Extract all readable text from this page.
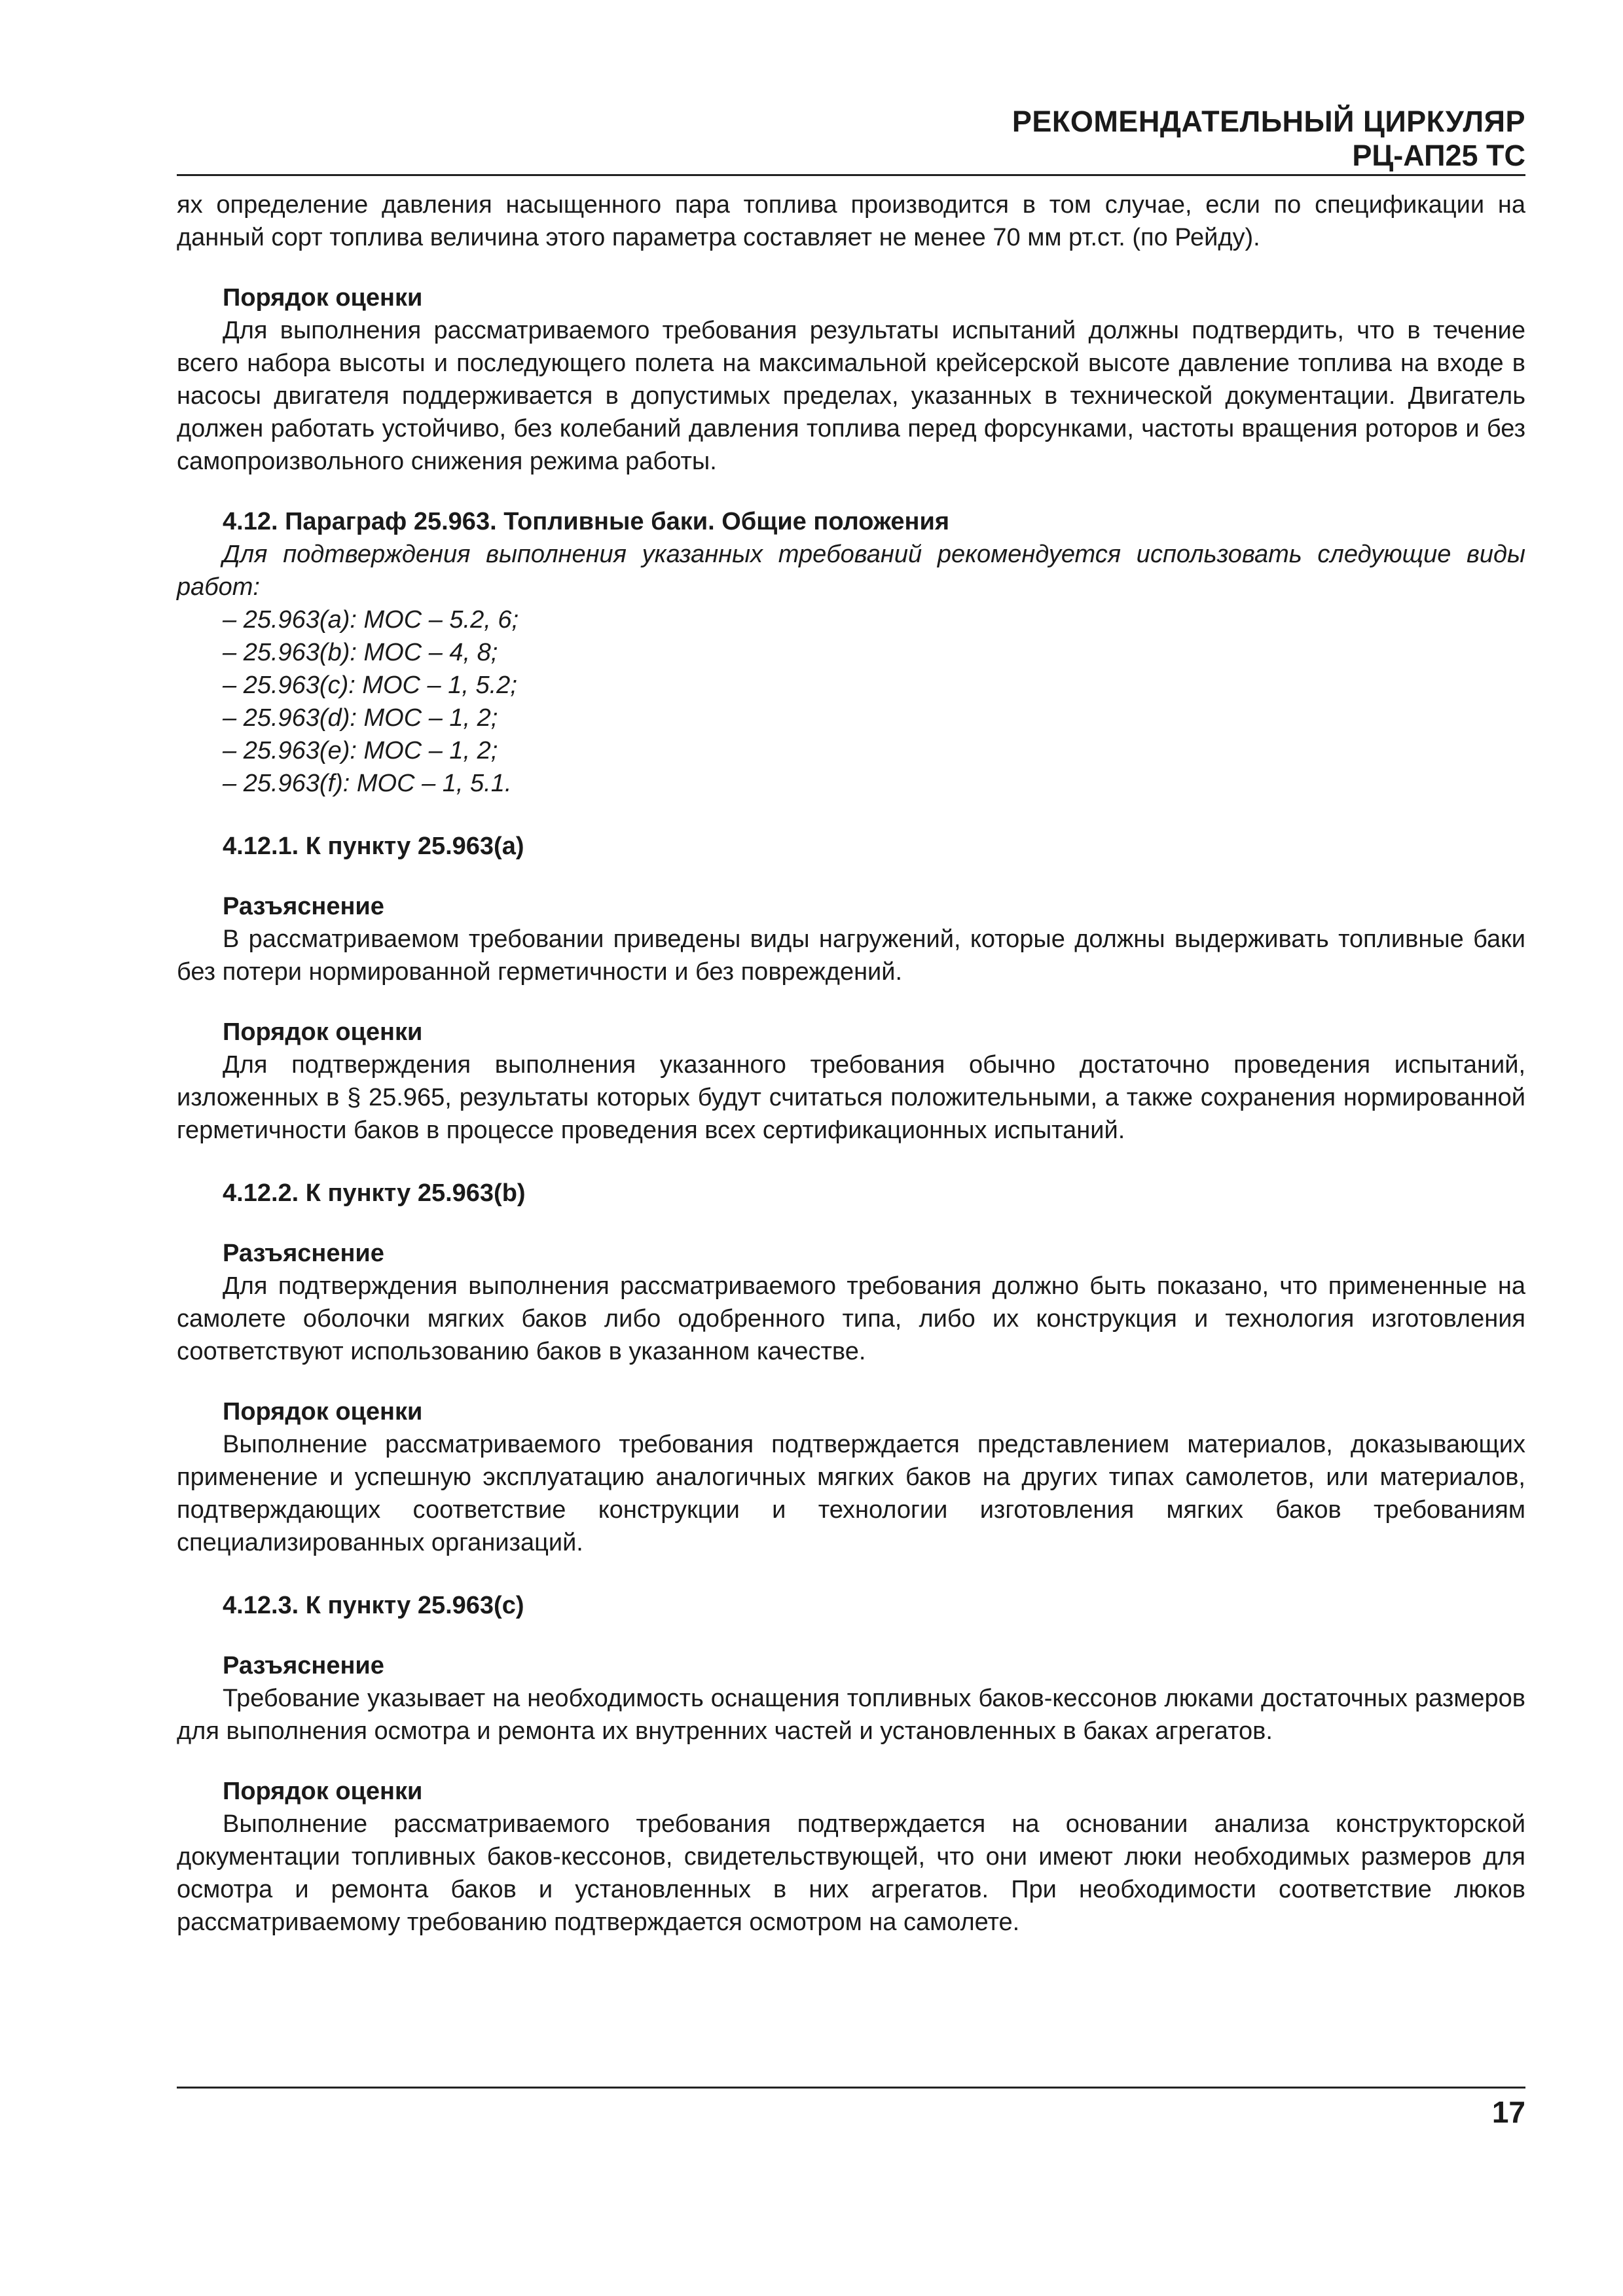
РЕКОМЕНДАТЕЛЬНЫЙ ЦИРКУЛЯР
РЦ-АП25 ТС

ях определение давления насыщенного пара топлива производится в том случае, если по спецификации на данный сорт топлива величина этого параметра составляет не менее 70 мм рт.ст. (по Рейду).

Порядок оценки

Для выполнения рассматриваемого требования результаты испытаний должны подтвердить, что в течение всего набора высоты и последующего полета на максимальной крейсерской высоте давление топлива на входе в насосы двигателя поддерживается в допустимых пределах, указанных в технической документации. Двигатель должен работать устойчиво, без колебаний давления топлива перед форсунками, частоты вращения роторов и без самопроизвольного снижения режима работы.

4.12. Параграф 25.963. Топливные баки. Общие положения

Для подтверждения выполнения указанных требований рекомендуется использовать следующие виды работ:

– 25.963(a): МОС – 5.2, 6;
– 25.963(b): МОС – 4, 8;
– 25.963(c): МОС – 1, 5.2;
– 25.963(d): МОС – 1, 2;
– 25.963(e): МОС – 1, 2;
– 25.963(f): МОС – 1, 5.1.
4.12.1. К пункту 25.963(a)
Разъяснение

В рассматриваемом требовании приведены виды нагружений, которые должны выдерживать топливные баки без потери нормированной герметичности и без повреждений.

Порядок оценки

Для подтверждения выполнения указанного требования обычно достаточно проведения испытаний, изложенных в § 25.965, результаты которых будут считаться положительными, а также сохранения нормированной герметичности баков в процессе проведения всех сертификационных испытаний.

4.12.2. К пункту 25.963(b)
Разъяснение

Для подтверждения выполнения рассматриваемого требования должно быть показано, что примененные на самолете оболочки мягких баков либо одобренного типа, либо их конструкция и технология изготовления соответствуют использованию баков в указанном качестве.

Порядок оценки

Выполнение рассматриваемого требования подтверждается представлением материалов, доказывающих применение и успешную эксплуатацию аналогичных мягких баков на других типах самолетов, или материалов, подтверждающих соответствие конструкции и технологии изготовления мягких баков требованиям специализированных организаций.

4.12.3. К пункту 25.963(c)
Разъяснение

Требование указывает на необходимость оснащения топливных баков-кессонов люками достаточных размеров для выполнения осмотра и ремонта их внутренних частей и установленных в баках агрегатов.

Порядок оценки

Выполнение рассматриваемого требования подтверждается на основании анализа конструкторской документации топливных баков-кессонов, свидетельствующей, что они имеют люки необходимых размеров для осмотра и ремонта баков и установленных в них агрегатов. При необходимости соответствие люков рассматриваемому требованию подтверждается осмотром на самолете.

17
